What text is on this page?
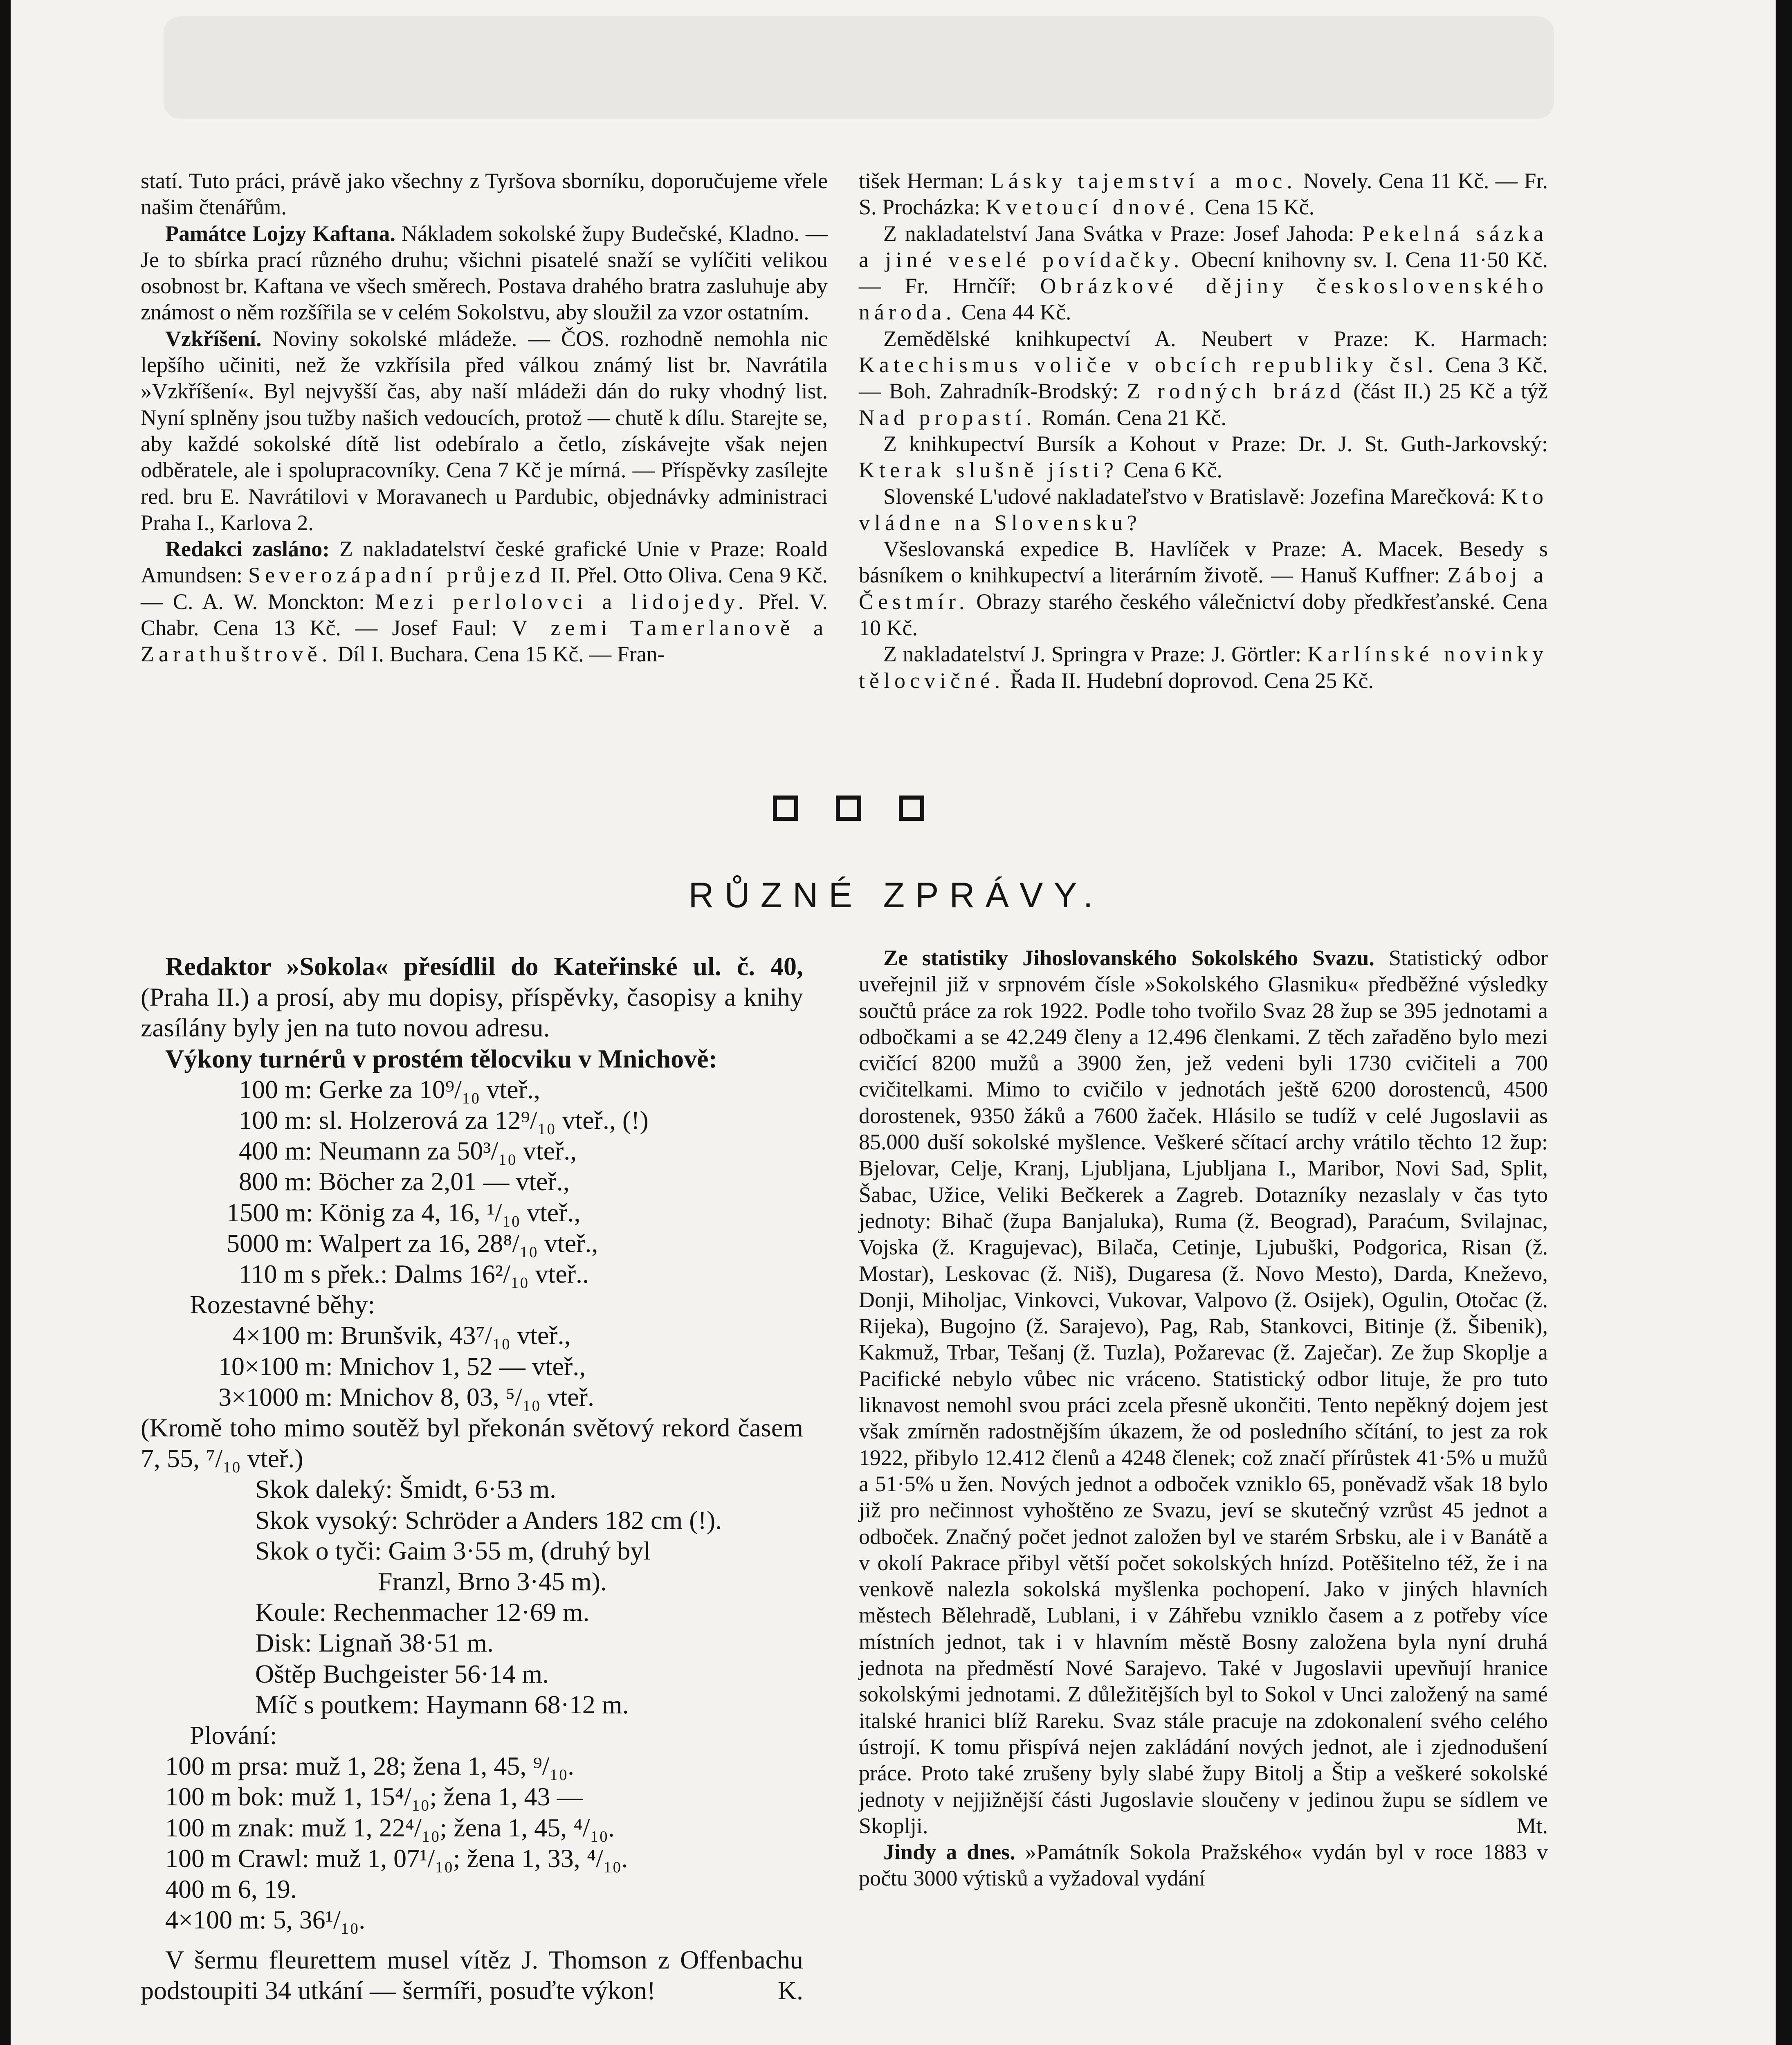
statí. Tuto práci, právě jako všechny z Tyršova sborníku, doporučujeme vřele našim čtenářům.

Památce Lojzy Kaftana. Nákladem sokolské župy Budečské, Kladno. — Je to sbírka prací různého druhu; všichni pisatelé snaží se vylíčiti velikou osobnost br. Kaftana ve všech směrech. Postava drahého bratra zasluhuje aby známost o něm rozšířila se v celém Sokolstvu, aby sloužil za vzor ostatním.

Vzkříšení. Noviny sokolské mládeže. — ČOS. rozhodně nemohla nic lepšího učiniti, než že vzkřísila před válkou známý list br. Navrátila »Vzkříšení«. Byl nejvyšší čas, aby naší mládeži dán do ruky vhodný list. Nyní splněny jsou tužby našich vedoucích, protož — chutě k dílu. Starejte se, aby každé sokolské dítě list odebíralo a četlo, získávejte však nejen odběratele, ale i spolupracovníky. Cena 7 Kč je mírná. — Příspěvky zasílejte red. bru E. Navrátilovi v Moravanech u Pardubic, objednávky administraci Praha I., Karlova 2.

Redakci zasláno: Z nakladatelství české grafické Unie v Praze: Roald Amundsen: Severozápadní průjezd II. Přel. Otto Oliva. Cena 9 Kč. — C. A. W. Monckton: Mezi perlolovci a lidojedy. Přel. V. Chabr. Cena 13 Kč. — Josef Faul: V zemi Tamerlanově a Zarathuštrově. Díl I. Buchara. Cena 15 Kč. — Fran-

tišek Herman: Lásky tajemství a moc. Novely. Cena 11 Kč. — Fr. S. Procházka: Kvetoucí dnové. Cena 15 Kč.

Z nakladatelství Jana Svátka v Praze: Josef Jahoda: Pekelná sázka a jiné veselé povídačky. Obecní knihovny sv. I. Cena 11·50 Kč. — Fr. Hrnčíř: Obrázkové dějiny československého národa. Cena 44 Kč.

Zemědělské knihkupectví A. Neubert v Praze: K. Harmach: Katechismus voliče v obcích republiky čsl. Cena 3 Kč. — Boh. Zahradník-Brodský: Z rodných brázd (část II.) 25 Kč a týž Nad propastí. Román. Cena 21 Kč.

Z knihkupectví Bursík a Kohout v Praze: Dr. J. St. Guth-Jarkovský: Kterak slušně jísti? Cena 6 Kč.

Slovenské L'udové nakladateľstvo v Bratislavě: Jozefina Marečková: Kto vládne na Slovensku?

Všeslovanská expedice B. Havlíček v Praze: A. Macek. Besedy s básníkem o knihkupectví a literárním životě. — Hanuš Kuffner: Záboj a Čestmír. Obrazy starého českého válečnictví doby předkřesťanské. Cena 10 Kč.

Z nakladatelství J. Springra v Praze: J. Görtler: Karlínské novinky tělocvičné. Řada II. Hudební doprovod. Cena 25 Kč.

RŮZNÉ ZPRÁVY.

Redaktor »Sokola« přesídlil do Kateřinské ul. č. 40, (Praha II.) a prosí, aby mu dopisy, příspěvky, časopisy a knihy zasílány byly jen na tuto novou adresu.

Výkony turnérů v prostém tělocviku v Mnichově:

100 m: Gerke za 10⁹/₁₀ vteř.,

100 m: sl. Holzerová za 12⁹/₁₀ vteř., (!)

400 m: Neumann za 50³/₁₀ vteř.,

800 m: Böcher za 2,01 — vteř.,

1500 m: König za 4, 16, ¹/₁₀ vteř.,

5000 m: Walpert za 16, 28⁸/₁₀ vteř.,

110 m s přek.: Dalms 16²/₁₀ vteř..

Rozestavné běhy:

4×100 m: Brunšvik, 43⁷/₁₀ vteř.,

10×100 m: Mnichov 1, 52 — vteř.,

3×1000 m: Mnichov 8, 03, ⁵/₁₀ vteř.

(Kromě toho mimo soutěž byl překonán světový rekord časem 7, 55, ⁷/₁₀ vteř.)

Skok daleký: Šmidt, 6·53 m.

Skok vysoký: Schröder a Anders 182 cm (!).

Skok o tyči: Gaim 3·55 m, (druhý byl

Franzl, Brno 3·45 m).

Koule: Rechenmacher 12·69 m.

Disk: Lignaň 38·51 m.

Oštěp Buchgeister 56·14 m.

Míč s poutkem: Haymann 68·12 m.

Plování:

100 m prsa: muž 1, 28; žena 1, 45, ⁹/₁₀.

100 m bok: muž 1, 15⁴/₁₀; žena 1, 43 —

100 m znak: muž 1, 22⁴/₁₀; žena 1, 45, ⁴/₁₀.

100 m Crawl: muž 1, 07¹/₁₀; žena 1, 33, ⁴/₁₀.

400 m 6, 19.

4×100 m: 5, 36¹/₁₀.

V šermu fleurettem musel vítěz J. Thomson z Offenbachu podstoupiti 34 utkání — šermíři, posuďte výkon!	K.

Ze statistiky Jihoslovanského Sokolského Svazu. Statistický odbor uveřejnil již v srpnovém čísle »Sokolského Glasniku« předběžné výsledky součtů práce za rok 1922. Podle toho tvořilo Svaz 28 žup se 395 jednotami a odbočkami a se 42.249 členy a 12.496 členkami. Z těch zařaděno bylo mezi cvičící 8200 mužů a 3900 žen, jež vedeni byli 1730 cvičiteli a 700 cvičitelkami. Mimo to cvičilo v jednotách ještě 6200 dorostenců, 4500 dorostenek, 9350 žáků a 7600 žaček. Hlásilo se tudíž v celé Jugoslavii as 85.000 duší sokolské myšlence. Veškeré sčítací archy vrátilo těchto 12 žup: Bjelovar, Celje, Kranj, Ljubljana, Ljubljana I., Maribor, Novi Sad, Split, Šabac, Užice, Veliki Bečkerek a Zagreb. Dotazníky nezaslaly v čas tyto jednoty: Bihač (župa Banjaluka), Ruma (ž. Beograd), Paraćum, Svilajnac, Vojska (ž. Kragujevac), Bilača, Cetinje, Ljubuški, Podgorica, Risan (ž. Mostar), Leskovac (ž. Niš), Dugaresa (ž. Novo Mesto), Darda, Kneževo, Donji, Miholjac, Vinkovci, Vukovar, Valpovo (ž. Osijek), Ogulin, Otočac (ž. Rijeka), Bugojno (ž. Sarajevo), Pag, Rab, Stankovci, Bitinje (ž. Šibenik), Kakmuž, Trbar, Tešanj (ž. Tuzla), Požarevac (ž. Zaječar). Ze žup Skoplje a Pacifické nebylo vůbec nic vráceno. Statistický odbor lituje, že pro tuto liknavost nemohl svou práci zcela přesně ukončiti. Tento nepěkný dojem jest však zmírněn radostnějším úkazem, že od posledního sčítání, to jest za rok 1922, přibylo 12.412 členů a 4248 členek; což značí přírůstek 41·5% u mužů a 51·5% u žen. Nových jednot a odboček vzniklo 65, poněvadž však 18 bylo již pro nečinnost vyhoštěno ze Svazu, jeví se skutečný vzrůst 45 jednot a odboček. Značný počet jednot založen byl ve starém Srbsku, ale i v Banátě a v okolí Pakrace přibyl větší počet sokolských hnízd. Potěšitelno též, že i na venkově nalezla sokolská myšlenka pochopení. Jako v jiných hlavních městech Bělehradě, Lublani, i v Záhřebu vzniklo časem a z potřeby více místních jednot, tak i v hlavním městě Bosny založena byla nyní druhá jednota na předměstí Nové Sarajevo. Také v Jugoslavii upevňují hranice sokolskými jednotami. Z důležitějších byl to Sokol v Unci založený na samé italské hranici blíž Rareku. Svaz stále pracuje na zdokonalení svého celého ústrojí. K tomu přispívá nejen zakládání nových jednot, ale i zjednodušení práce. Proto také zrušeny byly slabé župy Bitolj a Štip a veškeré sokolské jednoty v nejjižnější části Jugoslavie sloučeny v jedinou župu se sídlem ve Skoplji.	Mt.

Jindy a dnes. »Památník Sokola Pražského« vydán byl v roce 1883 v počtu 3000 výtisků a vyžadoval vydání
